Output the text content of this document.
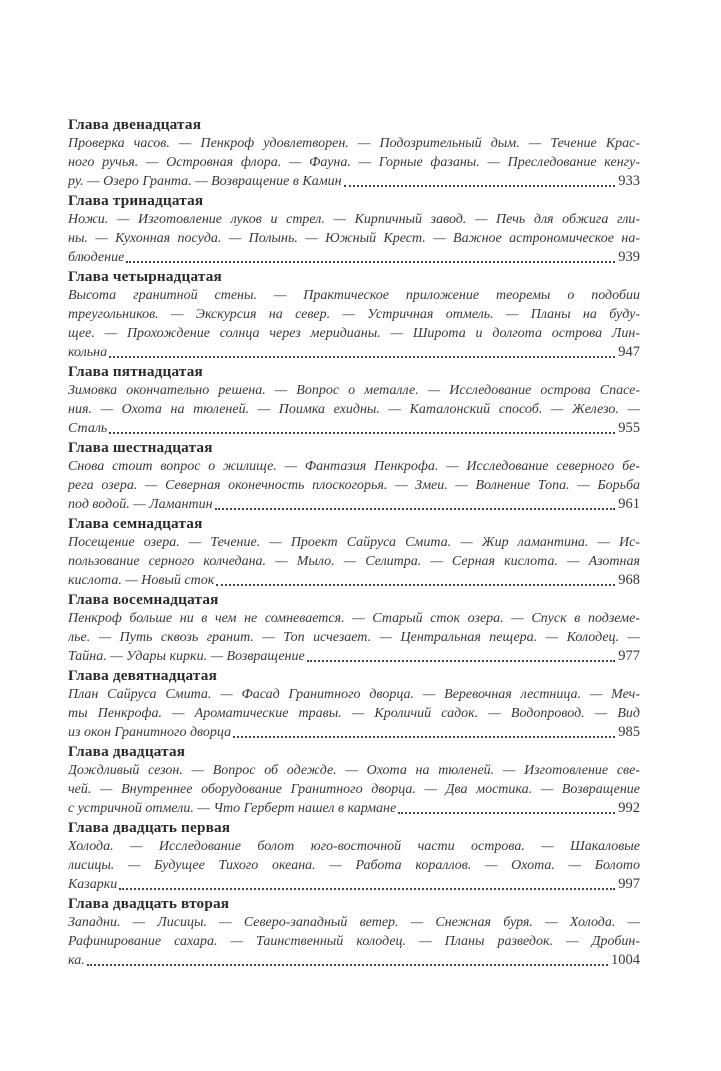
Глава двенадцатая
Проверка часов. — Пенкроф удовлетворен. — Подозрительный дым. — Течение Крас-
ного ручья. — Островная флора. — Фауна. — Горные фазаны. — Преследование кенгу-
ру. — Озеро Гранта. — Возвращение в Камин	933
Глава тринадцатая
Ножи. — Изготовление луков и стрел. — Кирпичный завод. — Печь для обжига гли-
ны. — Кухонная посуда. — Полынь. — Южный Крест. — Важное астрономическое на-
блюдение	939
Глава четырнадцатая
Высота гранитной стены. — Практическое приложение теоремы о подобии
треугольников. — Экскурсия на север. — Устричная отмель. — Планы на буду-
щее. — Прохождение солнца через меридианы. — Широта и долгота острова Лин-
кольна	947
Глава пятнадцатая
Зимовка окончательно решена. — Вопрос о металле. — Исследование острова Спасе-
ния. — Охота на тюленей. — Поимка ехидны. — Каталонский способ. — Железо. —
Сталь	955
Глава шестнадцатая
Снова стоит вопрос о жилище. — Фантазия Пенкрофа. — Исследование северного бе-
рега озера. — Северная оконечность плоскогорья. — Змеи. — Волнение Топа. — Борьба
под водой. — Ламантин	961
Глава семнадцатая
Посещение озера. — Течение. — Проект Сайруса Смита. — Жир ламантина. — Ис-
пользование серного колчедана. — Мыло. — Селитра. — Серная кислота. — Азотная
кислота. — Новый сток	968
Глава восемнадцатая
Пенкроф больше ни в чем не сомневается. — Старый сток озера. — Спуск в подземе-
лье. — Путь сквозь гранит. — Топ исчезает. — Центральная пещера. — Колодец. —
Тайна. — Удары кирки. — Возвращение	977
Глава девятнадцатая
План Сайруса Смита. — Фасад Гранитного дворца. — Веревочная лестница. — Меч-
ты Пенкрофа. — Ароматические травы. — Кроличий садок. — Водопровод. — Вид
из окон Гранитного дворца	985
Глава двадцатая
Дождливый сезон. — Вопрос об одежде. — Охота на тюленей. — Изготовление све-
чей. — Внутреннее оборудование Гранитного дворца. — Два мостика. — Возвращение
с устричной отмели. — Что Герберт нашел в кармане	992
Глава двадцать первая
Холода. — Исследование болот юго-восточной части острова. — Шакаловые
лисицы. — Будущее Тихого океана. — Работа кораллов. — Охота. — Болото
Казарки	997
Глава двадцать вторая
Западни. — Лисицы. — Северо-западный ветер. — Снежная буря. — Холода. —
Рафинирование сахара. — Таинственный колодец. — Планы разведок. — Дробин-
ка.	1004
